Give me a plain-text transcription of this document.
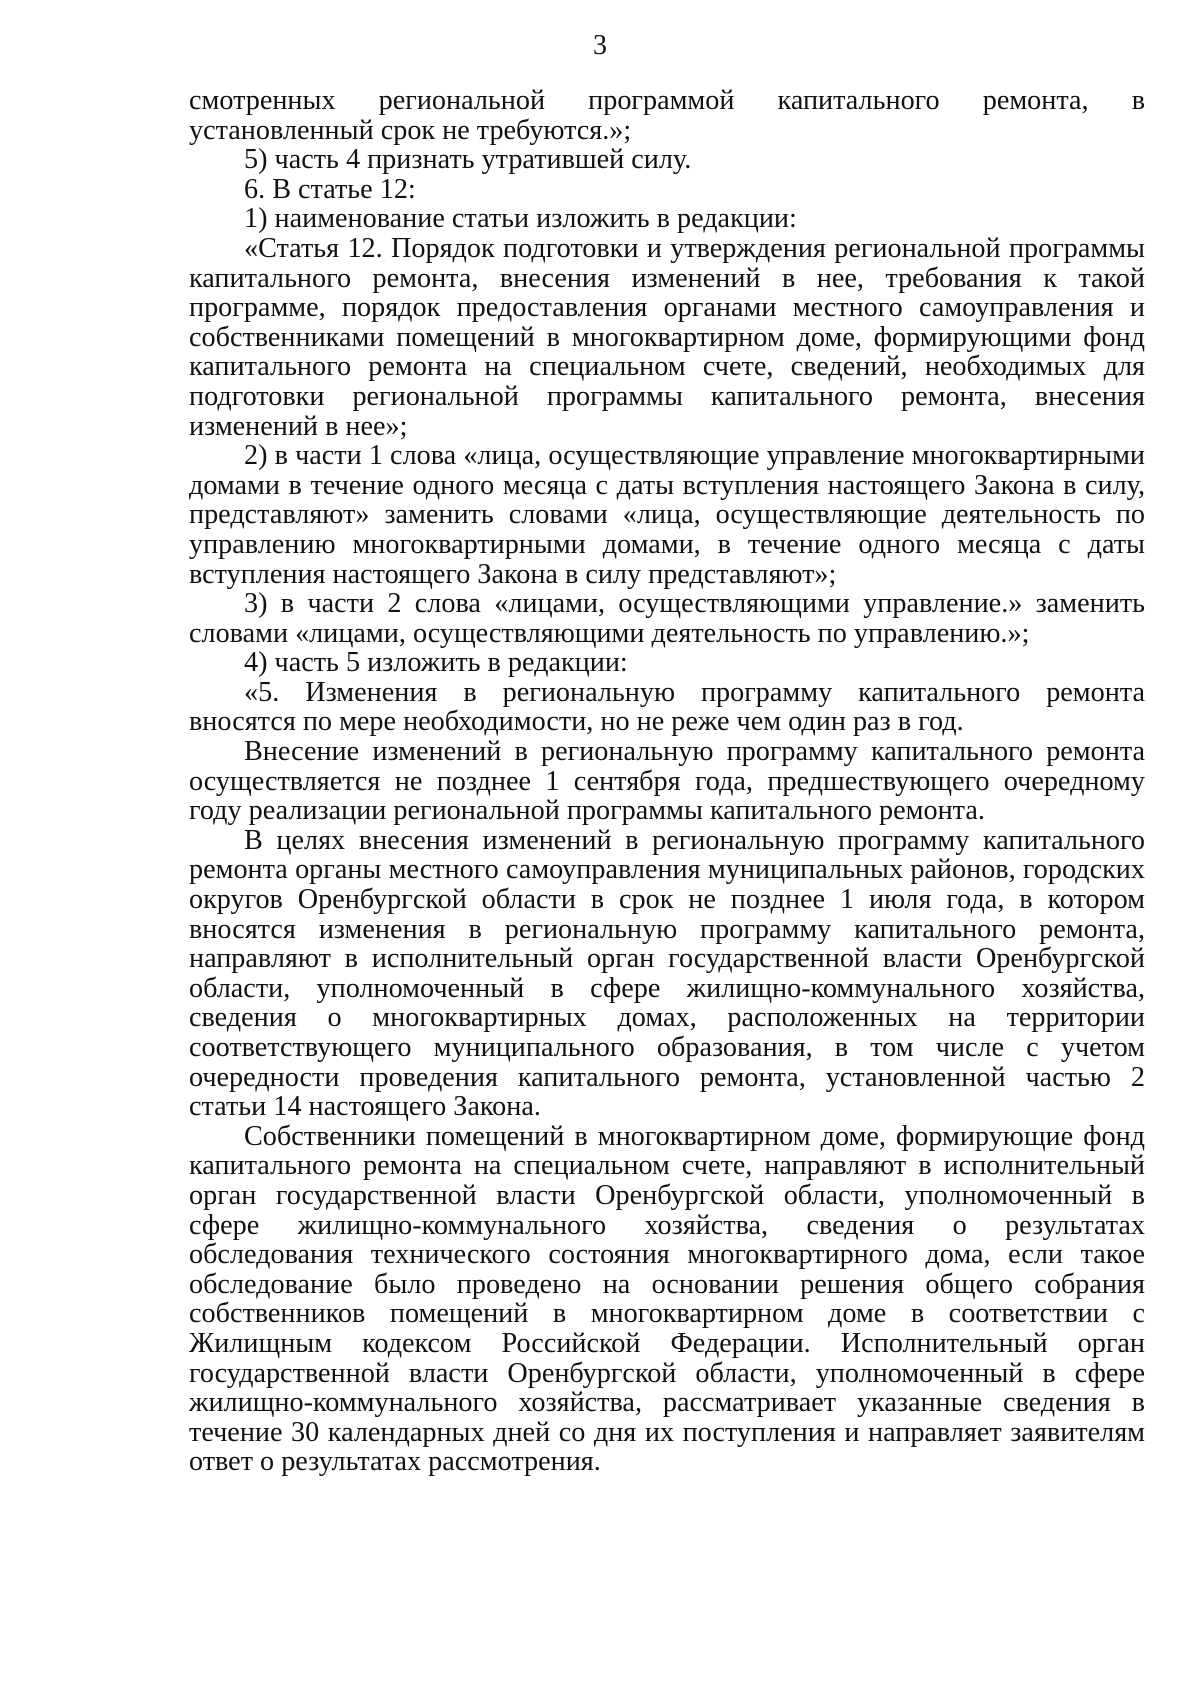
3

смотренных региональной программой капитального ремонта, в установленный срок не требуются.»;

5) часть 4 признать утратившей силу.

6. В статье 12:

1) наименование статьи изложить в редакции:

«Статья 12. Порядок подготовки и утверждения региональной программы капитального ремонта, внесения изменений в нее, требования к такой программе, порядок предоставления органами местного самоуправления и собственниками помещений в многоквартирном доме, формирующими фонд капитального ремонта на специальном счете, сведений, необходимых для подготовки региональной программы капитального ремонта, внесения изменений в нее»;

2) в части 1 слова «лица, осуществляющие управление многоквартирными домами в течение одного месяца с даты вступления настоящего Закона в силу, представляют» заменить словами «лица, осуществляющие деятельность по управлению многоквартирными домами, в течение одного месяца с даты вступления настоящего Закона в силу представляют»;

3) в части 2 слова «лицами, осуществляющими управление.» заменить словами «лицами, осуществляющими деятельность по управлению.»;

4) часть 5 изложить в редакции:

«5. Изменения в региональную программу капитального ремонта вносятся по мере необходимости, но не реже чем один раз в год.

Внесение изменений в региональную программу капитального ремонта осуществляется не позднее 1 сентября года, предшествующего очередному году реализации региональной программы капитального ремонта.

В целях внесения изменений в региональную программу капитального ремонта органы местного самоуправления муниципальных районов, городских округов Оренбургской области в срок не позднее 1 июля года, в котором вносятся изменения в региональную программу капитального ремонта, направляют в исполнительный орган государственной власти Оренбургской области, уполномоченный в сфере жилищно-коммунального хозяйства, сведения о многоквартирных домах, расположенных на территории соответствующего муниципального образования, в том числе с учетом очередности проведения капитального ремонта, установленной частью 2 статьи 14 настоящего Закона.

Собственники помещений в многоквартирном доме, формирующие фонд капитального ремонта на специальном счете, направляют в исполнительный орган государственной власти Оренбургской области, уполномоченный в сфере жилищно-коммунального хозяйства, сведения о результатах обследования технического состояния многоквартирного дома, если такое обследование было проведено на основании решения общего собрания собственников помещений в многоквартирном доме в соответствии с Жилищным кодексом Российской Федерации. Исполнительный орган государственной власти Оренбургской области, уполномоченный в сфере жилищно-коммунального хозяйства, рассматривает указанные сведения в течение 30 календарных дней со дня их поступления и направляет заявителям ответ о результатах рассмотрения.
